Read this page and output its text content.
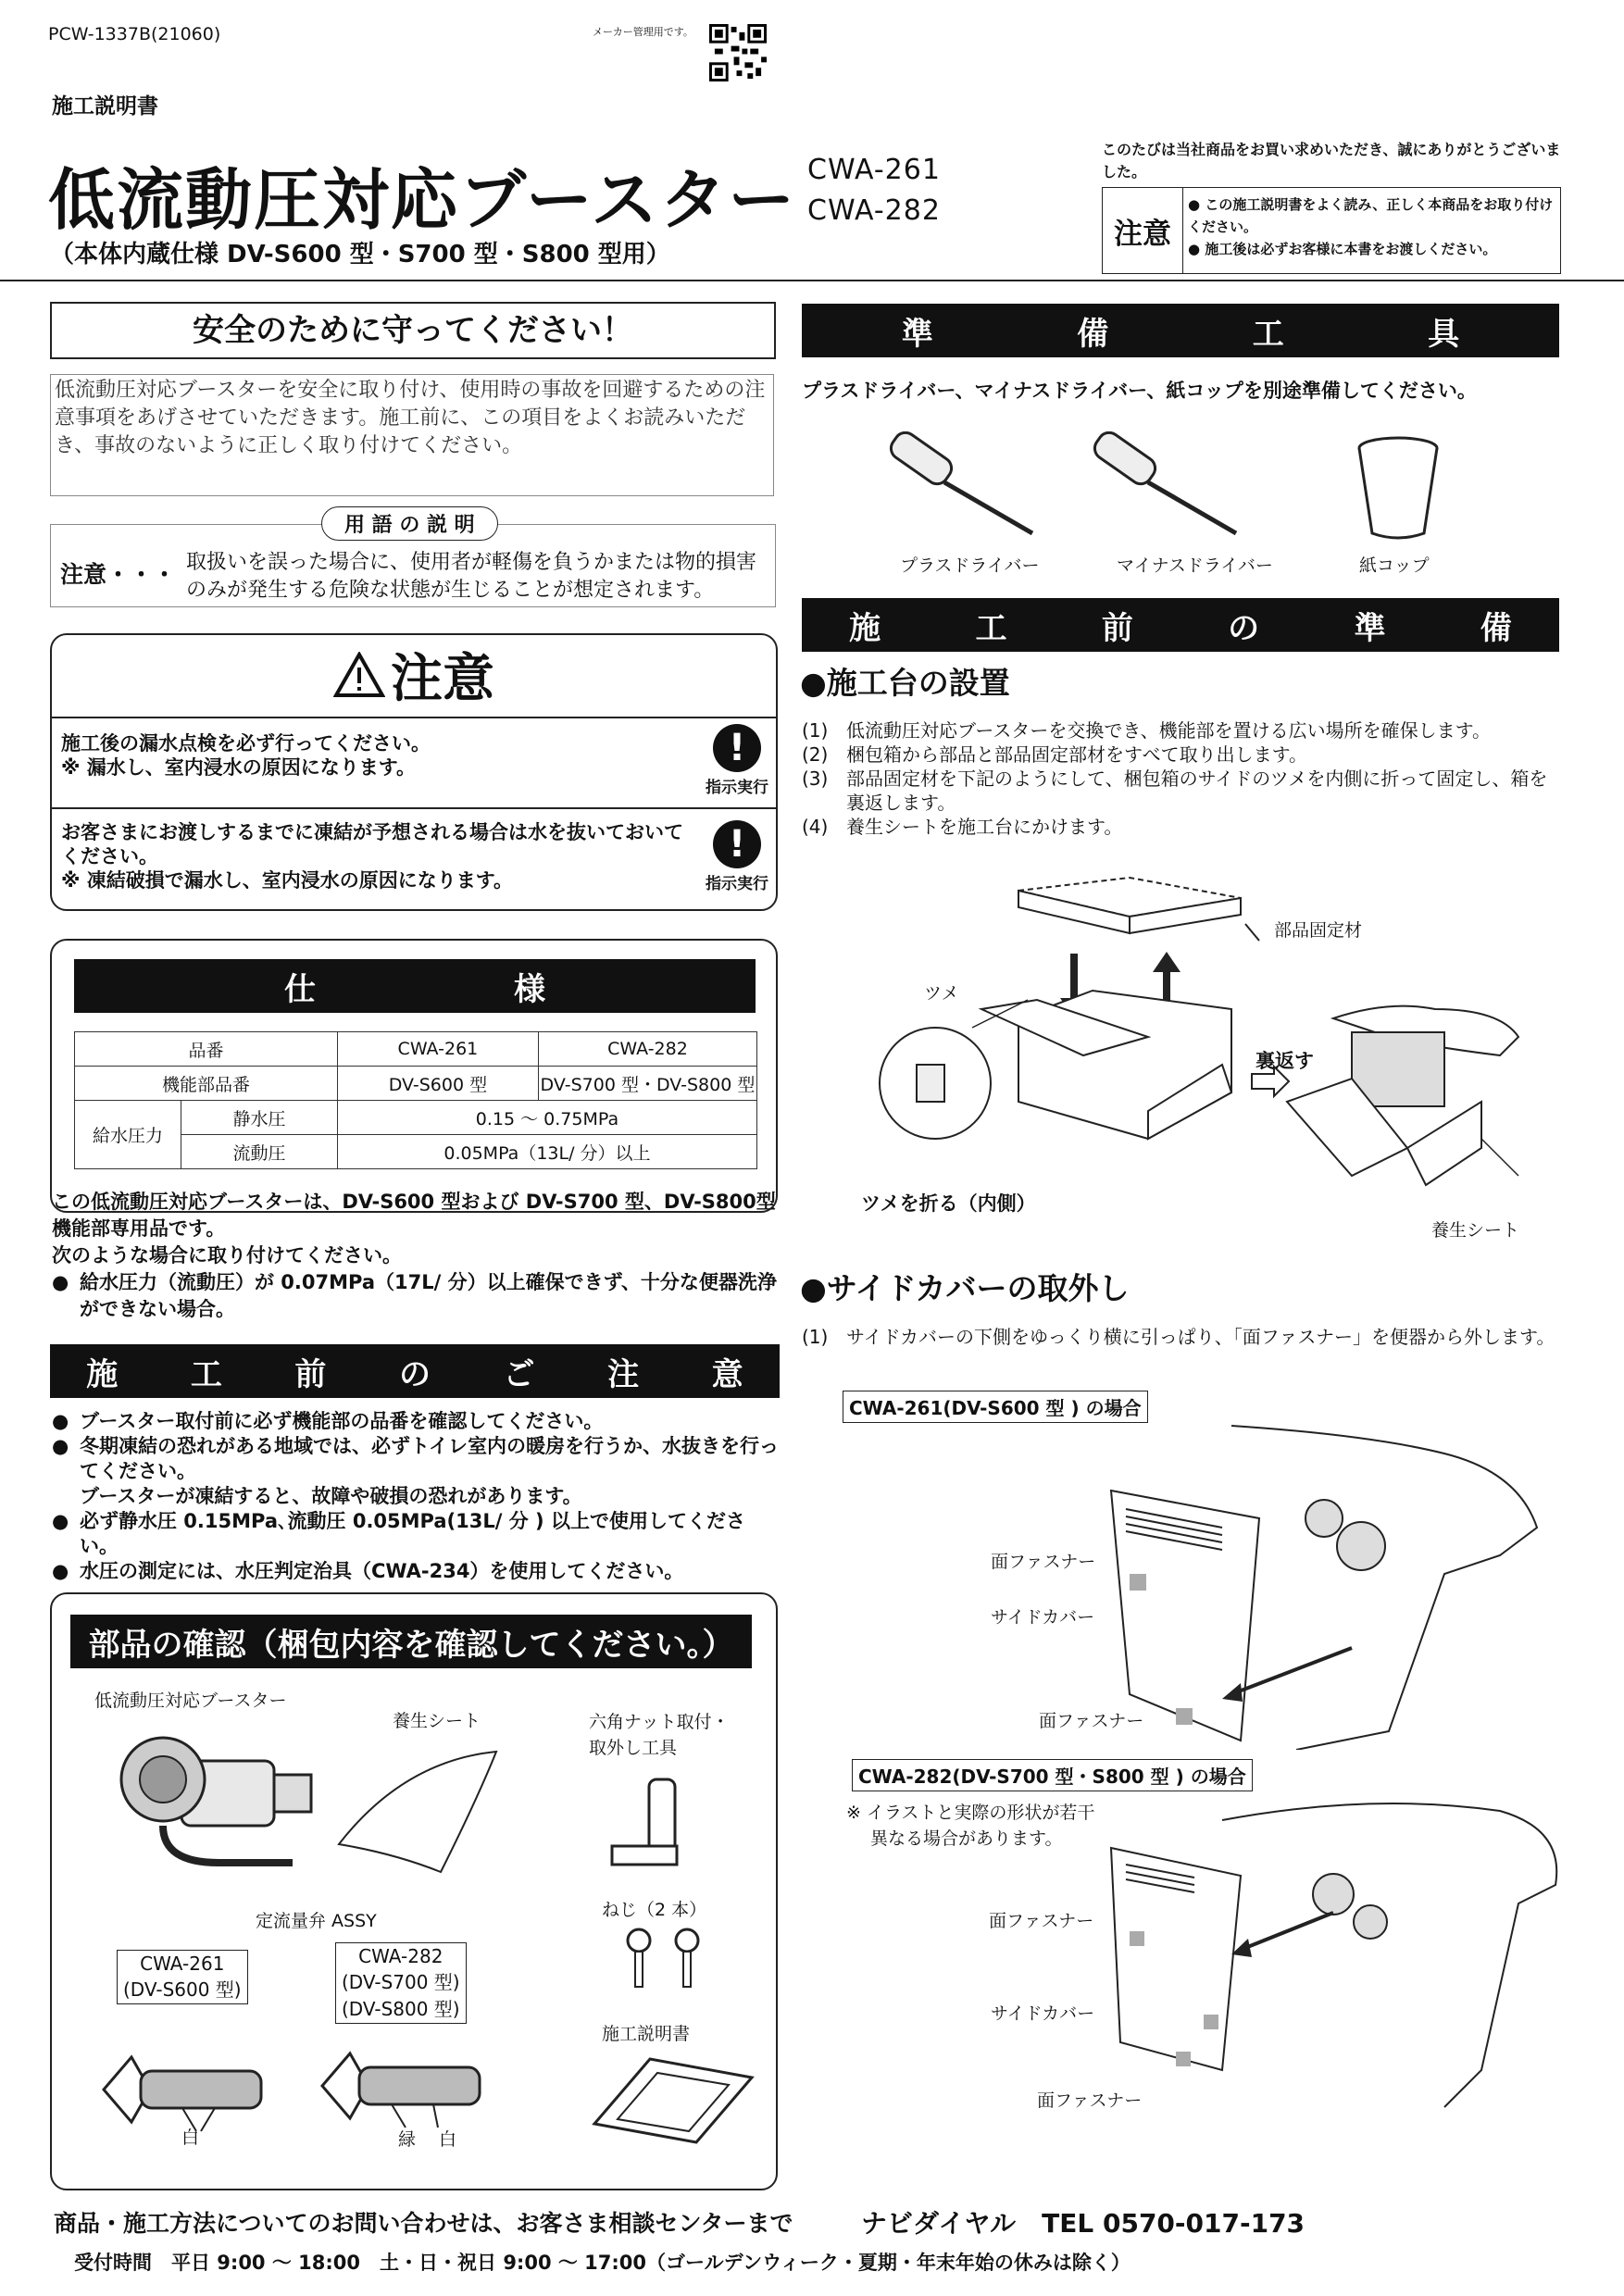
PCW-1337B(21060)	メーカー管理用です。
施工説明書
低流動圧対応ブースター CWA-261
CWA-282
（本体内蔵仕様 DV-S600 型・S700 型・S800 型用）
このたびは当社商品をお買い求めいただき、誠にありがとうございました。
注意
● この施工説明書をよく読み、正しく本商品をお取り付けください。
● 施工後は必ずお客様に本書をお渡しください。
安全のために守ってください！
低流動圧対応ブースターを安全に取り付け、使用時の事故を回避するための注意事項をあげさせていただきます。施工前に、この項目をよくお読みいただき、事故のないように正しく取り付けてください。
用 語 の 説 明
注意・・・ 取扱いを誤った場合に、使用者が軽傷を負うかまたは物的損害のみが発生する危険な状態が生じることが想定されます。
注意
施工後の漏水点検を必ず行ってください。
※ 漏水し、室内浸水の原因になります。	!
指示実行
お客さまにお渡しするまでに凍結が予想される場合は水を抜いておいてください。
※ 凍結破損で漏水し、室内浸水の原因になります。
!
指示実行
仕	様
品番		CWA-261	CWA-282
機能部品番		DV-S600 型	DV-S700 型・DV-S800 型
給水圧力	静水圧	0.15 ～ 0.75MPa	
	流動圧	0.05MPa（13L/ 分）以上	
この低流動圧対応ブースターは、DV-S600 型および DV-S700 型、DV-S800型機能部専用品です。
次のような場合に取り付けてください。
● 給水圧力（流動圧）が 0.07MPa（17L/ 分）以上確保できず、十分な便器洗浄ができない場合。
施 工 前 の ご 注 意
● ブースター取付前に必ず機能部の品番を確認してください。
● 冬期凍結の恐れがある地域では、必ずトイレ室内の暖房を行うか、水抜きを行ってください。
ブースターが凍結すると、故障や破損の恐れがあります。
● 必ず静水圧 0.15MPa､流動圧 0.05MPa(13L/ 分 ) 以上で使用してください。
● 水圧の測定には、水圧判定治具（CWA-234）を使用してください。
部品の確認（梱包内容を確認してください。）
低流動圧対応ブースター
養生シート	六角ナット取付・
取外し工具
定流量弁 ASSY
CWA-261
(DV-S600 型)
CWA-282
(DV-S700 型)
(DV-S800 型)
白	緑 白
ねじ（2 本）
施工説明書
準	備	工	具
プラスドライバー、マイナスドライバー、紙コップを別途準備してください。
プラスドライバー	マイナスドライバー	紙コップ
施	工	前	の	準	備
●施工台の設置
(1) 低流動圧対応ブースターを交換でき、機能部を置ける広い場所を確保します。
(2) 梱包箱から部品と部品固定部材をすべて取り出します。
(3) 部品固定材を下記のようにして、梱包箱のサイドのツメを内側に折って固定し、箱を裏返します。
(4) 養生シートを施工台にかけます。
部品固定材
ツメ
裏返す
ツメを折る（内側）
養生シート
●サイドカバーの取外し
(1) サイドカバーの下側をゆっくり横に引っぱり、「面ファスナー」を便器から外します。
CWA-261(DV-S600 型 ) の場合
面ファスナー
サイドカバー
面ファスナー
CWA-282(DV-S700 型・S800 型 ) の場合
※ イラストと実際の形状が若干
異なる場合があります。
面ファスナー
サイドカバー
面ファスナー
商品・施工方法についてのお問い合わせは、お客さま相談センターまで	ナビダイヤル　TEL 0570-017-173
受付時間　平日 9:00 ～ 18:00　土・日・祝日 9:00 ～ 17:00（ゴールデンウィーク・夏期・年末年始の休みは除く）
